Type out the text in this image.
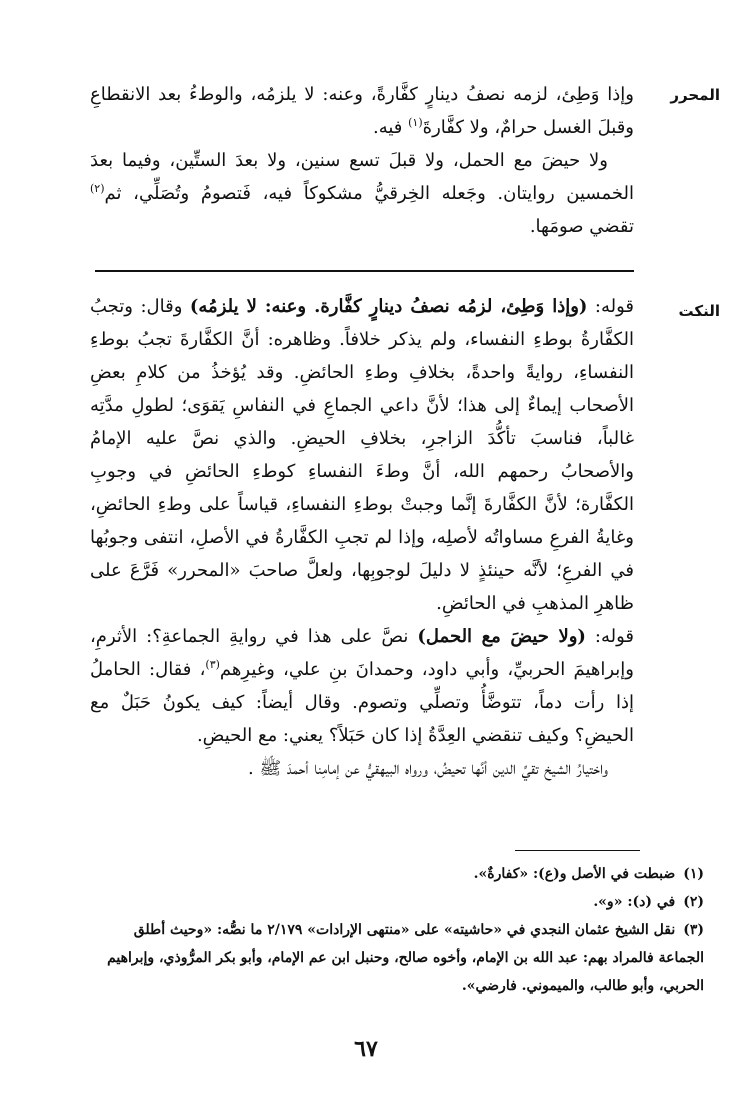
المحرر
النكت

وإذا وَطِئ، لزمه نصفُ دينارٍ كفَّارةً، وعنه: لا يلزمُه، والوطءُ بعد الانقطاعِ وقبلَ الغسل حرامٌ، ولا كفَّارةَ$^{(١)}$ فيه.

ولا حيضَ مع الحمل، ولا قبلَ تسع سنين، ولا بعدَ الستِّين، وفيما بعدَ الخمسين روايتان. وجَعله الخِرقيُّ مشكوكاً فيه، فَتصومُ وتُصَلِّي، ثم$^{(٢)}$ تقضي صومَها.

قوله: (وإذا وَطِئ، لزمُه نصفُ دينارٍ كفَّارة. وعنه: لا يلزمُه) وقال: وتجبُ الكفَّارةُ بوطءِ النفساء، ولم يذكر خلافاً. وظاهره: أنَّ الكفَّارةَ تجبُ بوطءِ النفساءِ، روايةً واحدةً، بخلافِ وطءِ الحائضِ. وقد يُؤخذُ من كلامِ بعضِ الأصحاب إيماءٌ إلى هذا؛ لأنَّ داعي الجماعِ في النفاسِ يَقوَى؛ لطولِ مدَّتِه غالباً، فناسبَ تأكُّدَ الزاجرِ، بخلافِ الحيضِ. والذي نصَّ عليه الإمامُ والأصحابُ رحمهم الله، أنَّ وطءَ النفساءِ كوطءِ الحائضِ في وجوبِ الكفَّارة؛ لأنَّ الكفَّارةَ إنَّما وجبتْ بوطءِ النفساءِ، قياساً على وطءِ الحائضِ، وغايةُ الفرعِ مساواتُه لأصلِه، وإذا لم تجبِ الكفَّارةُ في الأصلِ، انتفى وجوبُها في الفرعِ؛ لأنَّه حينئذٍ لا دليلَ لوجوبِها، ولعلَّ صاحبَ «المحرر» فَرَّعَ على ظاهرِ المذهبِ في الحائضِ.

قوله: (ولا حيضَ مع الحمل) نصَّ على هذا في روايةِ الجماعةِ؟: الأثرمِ، وإبراهيمَ الحربيِّ، وأبي داود، وحمدانَ بنِ علي، وغيرِهم$^{(٣)}$، فقال: الحاملُ إذا رأت دماً، تتوضَّأُ وتصلِّي وتصوم. وقال أيضاً: كيف يكونُ حَبَلٌ مع الحيضِ؟ وكيف تنقضي العِدَّةُ إذا كان حَبَلاً؟ يعني: مع الحيضِ.

واختيارُ الشيخ تقيِّ الدين أنَّها تحيضُ، ورواه البيهقيُّ عن إمامِنا أحمدَ ﷺ .

(١)ضبطت في الأصل و(ع): «كفارةٌ».
(٢)في (د): «و».
(٣)نقل الشيخ عثمان النجدي في «حاشيته» على «منتهى الإرادات» ٢/١٧٩ ما نصُّه: «وحيث أطلق الجماعة فالمراد بهم: عبد الله بن الإمام، وأخوه صالح، وحنبل ابن عم الإمام، وأبو بكر المرُّوذي، وإبراهيم الحربي، وأبو طالب، والميموني. فارضي».
٦٧
